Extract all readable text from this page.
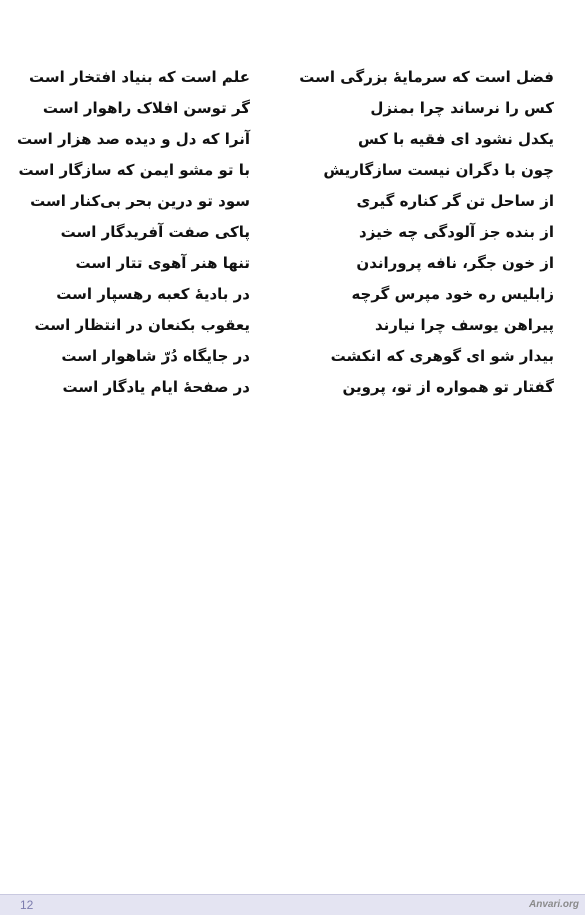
علم است که بنیاد افتخار است
گر توسن افلاک راهوار است
آنرا که دل و دیده صد هزار است
با تو مشو ایمن که سازگار است
سود تو درین بحر بی‌کنار است
پاکی صفت آفریدگار است
تنها هنر آهوی تتار است
در بادیهٔ کعبه رهسپار است
یعقوب بکنعان در انتظار است
در جایگاه دُرّ شاهوار است
در صفحهٔ ایام یادگار است
فضل است که سرمایهٔ بزرگی است
کس را نرساند چرا بمنزل
یکدل نشود ای فقیه با کس
چون با دگران نیست سازگاریش
از ساحل تن گر کناره گیری
از بنده جز آلودگی چه خیزد
از خون جگر، نافه پروراندن
زابلیس ره خود مپرس گرچه
پیراهن یوسف چرا نیارند
بیدار شو ای گوهری که انکشت
گفتار تو همواره از تو، پروین
12	Anvari.org
